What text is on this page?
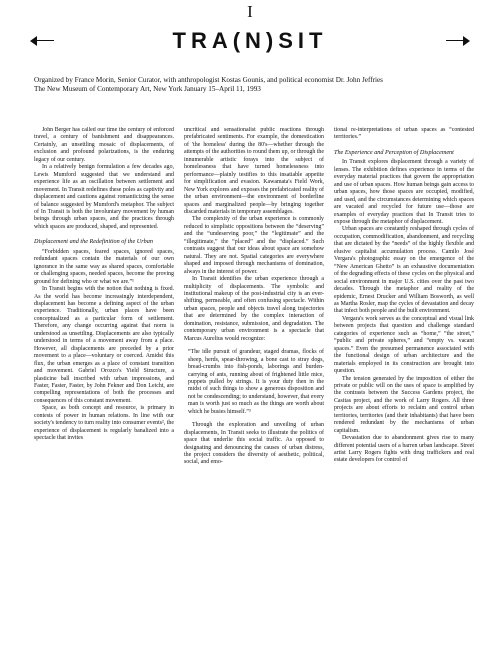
I
TRA(N)SIT
Organized by France Morin, Senior Curator, with anthropologist Kostas Gounis, and political economist Dr. John Jeffries
The New Museum of Contemporary Art, New York January 15–April 11, 1993

John Berger has called our time the century of enforced travel, a century of banishment and disappearances. Certainly, an unsettling mosaic of displacements, of exclusion and profound polarizations, is the enduring legacy of our century.

In a relatively benign formulation a few decades ago, Lewis Mumford suggested that we understand and experience life as an oscillation between settlement and movement. In Transit redefines these poles as captivity and displacement and cautions against romanticizing the sense of balance suggested by Mumford's metaphor. The subject of In Transit is both the involuntary movement by human beings through urban spaces, and the practices through which spaces are produced, shaped, and represented.

Displacement and the Redefinition of the Urban

“Forbidden spaces, feared spaces, ignored spaces, redundant spaces contain the materials of our own ignorance in the same way as shared spaces, comfortable or challenging spaces, needed spaces, become the proving ground for defining who or what we are.”¹

In Transit begins with the notion that nothing is fixed. As the world has become increasingly interdependent, displacement has become a defining aspect of the urban experience. Traditionally, urban places have been conceptualized as a particular form of settlement. Therefore, any change occurring against that norm is understood as unsettling. Displacements are also typically understood in terms of a movement away from a place. However, all displacements are preceded by a prior movement to a place—voluntary or coerced. Amidst this flux, the urban emerges as a place of constant transition and movement. Gabriel Orozco's Yield Structure, a plasticine ball inscribed with urban impressions, and Faster, Faster, Faster, by John Fekner and Don Leicht, are compelling representations of both the processes and consequences of this constant movement.

Space, as both concept and resource, is primary in contests of power in human relations. In line with our society's tendency to turn reality into consumer events², the experience of displacement is regularly banalized into a spectacle that invites

uncritical and sensationalist public reactions through prefabricated sentiments. For example, the domestication of 'the homeless' during the 80's—whether through the attempts of the authorities to round them up, or through the innumerable artistic forays into the subject of homelessness that have turned homelessness into performance—plainly testifies to this insatiable appetite for simplification and evasion. Kawamata's Field Work, New York explores and exposes the prefabricated reality of the urban environment—the environment of borderline spaces and marginalized people—by bringing together discarded materials in temporary assemblages.

The complexity of the urban experience is commonly reduced to simplistic oppositions between the “deserving” and the “undeserving poor,” the “legitimate” and the “illegitimate,” the “placed” and the “displaced.” Such contrasts suggest that our ideas about space are somehow natural. They are not. Spatial categories are everywhere shaped and imposed through mechanisms of domination, always in the interest of power.

In Transit identifies the urban experience through a multiplicity of displacements. The symbolic and institutional makeup of the post-industrial city is an ever-shifting, permeable, and often confusing spectacle. Within urban spaces, people and objects travel along trajectories that are determined by the complex interaction of domination, resistance, submission, and degradation. The contemporary urban environment is a spectacle that Marcus Aurelius would recognize:

“The idle pursuit of grandeur, staged dramas, flocks of sheep, herds, spear-throwing, a bone cast to stray dogs, bread-crumbs into fish-ponds, laborings and burden-carrying of ants, running about of frightened little mice, puppets pulled by strings. It is your duty then in the midst of such things to show a generous disposition and not be condescending; to understand, however, that every man is worth just so much as the things are worth about which he busies himself.”³

Through the exploration and unveiling of urban displacements, In Transit seeks to illustrate the politics of space that underlie this social traffic. As opposed to designating and denouncing the causes of urban distress, the project considers the diversity of aesthetic, political, social, and emo-

tional re-interpretations of urban spaces as “contested territories.”

The Experience and Perception of Displacement

In Transit explores displacement through a variety of lenses. The exhibition defines experience in terms of the everyday material practices that govern the appropriation and use of urban spaces. How human beings gain access to urban spaces, how those spaces are occupied, modified, and used, and the circumstances determining which spaces are vacated and recycled for future use—those are examples of everyday practices that In Transit tries to expose through the metaphor of displacement.

Urban spaces are constantly reshaped through cycles of occupation, commodification, abandonment, and recycling that are dictated by the “needs” of the highly flexible and elusive capitalist accumulation process. Camilo José Vergara's photographic essay on the emergence of the “New American Ghetto” is an exhaustive documentation of the degrading effects of these cycles on the physical and social environment in major U.S. cities over the past two decades. Through the metaphor and reality of the epidemic, Ernest Drucker and William Bosworth, as well as Martha Rosler, map the cycles of devastation and decay that infect both people and the built environment.

Vergara's work serves as the conceptual and visual link between projects that question and challenge standard categories of experience such as “home,” “the street,” “public and private spheres,” and “empty vs. vacant spaces.” Even the presumed permanence associated with the functional design of urban architecture and the materials employed in its construction are brought into question.

The tension generated by the imposition of either the private or public will on the uses of space is amplified by the contrasts between the Success Gardens project, the Casitas project, and the work of Larry Rogers. All three projects are about efforts to reclaim and control urban territories, territories (and their inhabitants) that have been rendered redundant by the mechanisms of urban capitalism.

Devastation due to abandonment gives rise to many different potential users of a barren urban landscape. Street artist Larry Rogers fights with drug traffickers and real estate developers for control of
